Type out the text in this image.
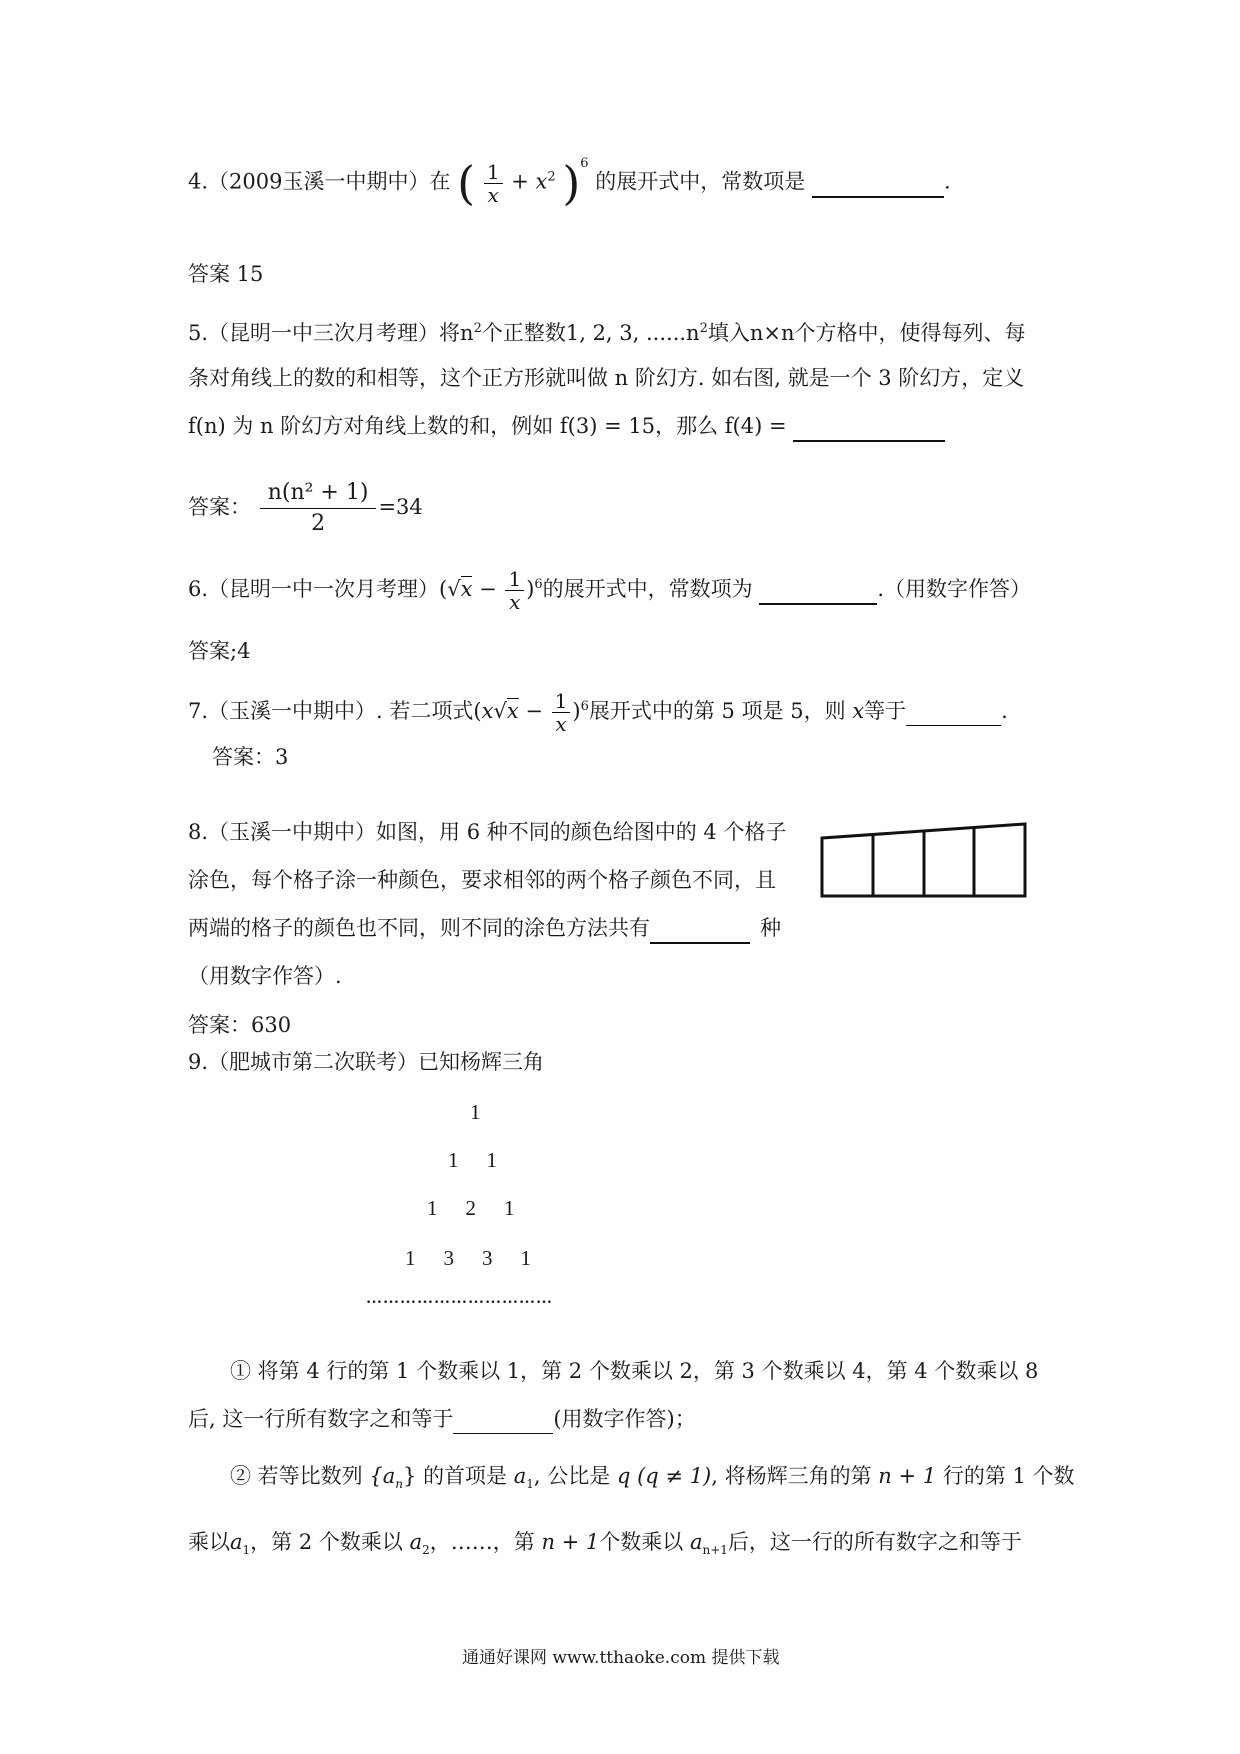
4.（2009玉溪一中期中）在 ( $\frac{1}{x} + x^2$ )$^6$ 的展开式中，常数项是	.
答案 15
5.（昆明一中三次月考理）将$n^2$个正整数1, 2, 3, $......n^2$填入n×n个方格中，使得每列、每
条对角线上的数的和相等，这个正方形就叫做 n 阶幻方. 如右图, 就是一个 3 阶幻方，定义
f(n) 为 n 阶幻方对角线上数的和，例如 f(3) = 15，那么 f(4) =
答案： $\frac{\text{n(n² + 1)}}{2} =34$
6.（昆明一中一次月考理）$(√x - \frac{1}{x} )^6$的展开式中，常数项为	.（用数字作答）
答案;4
7.（玉溪一中期中）. 若二项式$(x√x - \frac{1}{x} )^6$展开式中的第 5 项是 5，则 x等于	.
答案：3
8.（玉溪一中期中）如图，用 6 种不同的颜色给图中的 4 个格子
涂色，每个格子涂一种颜色，要求相邻的两个格子颜色不同，且
两端的格子的颜色也不同，则不同的涂色方法共有	种
（用数字作答）.
答案：630
9.（肥城市第二次联考）已知杨辉三角
1
1 1
1 2 1
1 3 3 1
……………………………
① 将第 4 行的第 1 个数乘以 1，第 2 个数乘以 2，第 3 个数乘以 4，第 4 个数乘以 8
后, 这一行所有数字之和等于	(用数字作答)；
② 若等比数列 $\{a_n\}$ 的首项是 $a_1$, 公比是 q (q ≠ 1), 将杨辉三角的第 n + 1 行的第 1 个数
乘以$a_1$，第 2 个数乘以 $a_2$，……，第 n + 1个数乘以 $a_{n+1}$后，这一行的所有数字之和等于
通通好课网 www.tthaoke.com 提供下载
